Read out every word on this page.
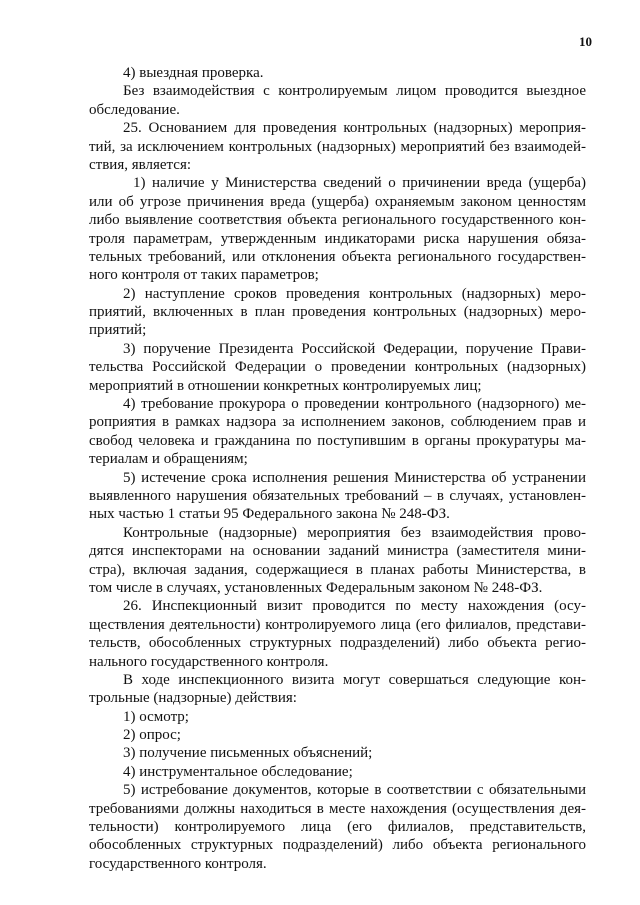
10
4) выездная проверка.
Без взаимодействия с контролируемым лицом проводится выездное
обследование.
25. Основанием для проведения контрольных (надзорных) мероприя-
тий, за исключением контрольных (надзорных) мероприятий без взаимодей-
ствия, является:
1) наличие у Министерства сведений о причинении вреда (ущерба)
или об угрозе причинения вреда (ущерба) охраняемым законом ценностям
либо выявление соответствия объекта регионального государственного кон-
троля параметрам, утвержденным индикаторами риска нарушения обяза-
тельных требований, или отклонения объекта регионального государствен-
ного контроля от таких параметров;
2) наступление сроков проведения контрольных (надзорных) меро-
приятий, включенных в план проведения контрольных (надзорных) меро-
приятий;
3) поручение Президента Российской Федерации, поручение Прави-
тельства Российской Федерации о проведении контрольных (надзорных)
мероприятий в отношении конкретных контролируемых лиц;
4) требование прокурора о проведении контрольного (надзорного) ме-
роприятия в рамках надзора за исполнением законов, соблюдением прав и
свобод человека и гражданина по поступившим в органы прокуратуры ма-
териалам и обращениям;
5) истечение срока исполнения решения Министерства об устранении
выявленного нарушения обязательных требований – в случаях, установлен-
ных частью 1 статьи 95 Федерального закона № 248-ФЗ.
Контрольные (надзорные) мероприятия без взаимодействия прово-
дятся инспекторами на основании заданий министра (заместителя мини-
стра), включая задания, содержащиеся в планах работы Министерства, в
том числе в случаях, установленных Федеральным законом № 248-ФЗ.
26. Инспекционный визит проводится по месту нахождения (осу-
ществления деятельности) контролируемого лица (его филиалов, представи-
тельств, обособленных структурных подразделений) либо объекта регио-
нального государственного контроля.
В ходе инспекционного визита могут совершаться следующие кон-
трольные (надзорные) действия:
1) осмотр;
2) опрос;
3) получение письменных объяснений;
4) инструментальное обследование;
5) истребование документов, которые в соответствии с обязательными
требованиями должны находиться в месте нахождения (осуществления дея-
тельности) контролируемого лица (его филиалов, представительств,
обособленных структурных подразделений) либо объекта регионального
государственного контроля.
